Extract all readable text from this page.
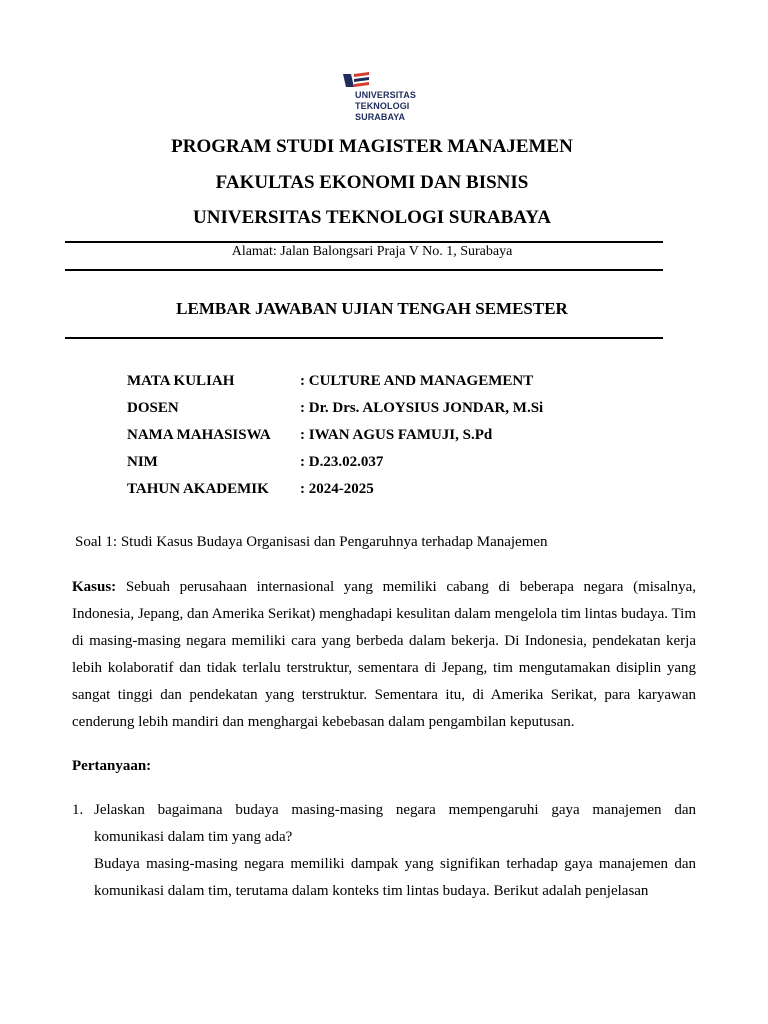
UNIVERSITAS
TEKNOLOGI
SURABAYA
PROGRAM STUDI MAGISTER MANAJEMEN
FAKULTAS EKONOMI DAN BISNIS
UNIVERSITAS TEKNOLOGI SURABAYA
Alamat: Jalan Balongsari Praja V No. 1, Surabaya
LEMBAR JAWABAN UJIAN TENGAH SEMESTER
MATA KULIAH	: CULTURE AND MANAGEMENT
DOSEN	: Dr. Drs. ALOYSIUS JONDAR, M.Si
NAMA MAHASISWA	: IWAN AGUS FAMUJI, S.Pd
NIM	: D.23.02.037
TAHUN AKADEMIK	: 2024-2025
Soal 1: Studi Kasus Budaya Organisasi dan Pengaruhnya terhadap Manajemen

Kasus: Sebuah perusahaan internasional yang memiliki cabang di beberapa negara (misalnya, Indonesia, Jepang, dan Amerika Serikat) menghadapi kesulitan dalam mengelola tim lintas budaya. Tim di masing-masing negara memiliki cara yang berbeda dalam bekerja. Di Indonesia, pendekatan kerja lebih kolaboratif dan tidak terlalu terstruktur, sementara di Jepang, tim mengutamakan disiplin yang sangat tinggi dan pendekatan yang terstruktur. Sementara itu, di Amerika Serikat, para karyawan cenderung lebih mandiri dan menghargai kebebasan dalam pengambilan keputusan.

Pertanyaan:
1. Jelaskan bagaimana budaya masing-masing negara mempengaruhi gaya manajemen dan komunikasi dalam tim yang ada?

Budaya masing-masing negara memiliki dampak yang signifikan terhadap gaya manajemen dan komunikasi dalam tim, terutama dalam konteks tim lintas budaya. Berikut adalah penjelasan
